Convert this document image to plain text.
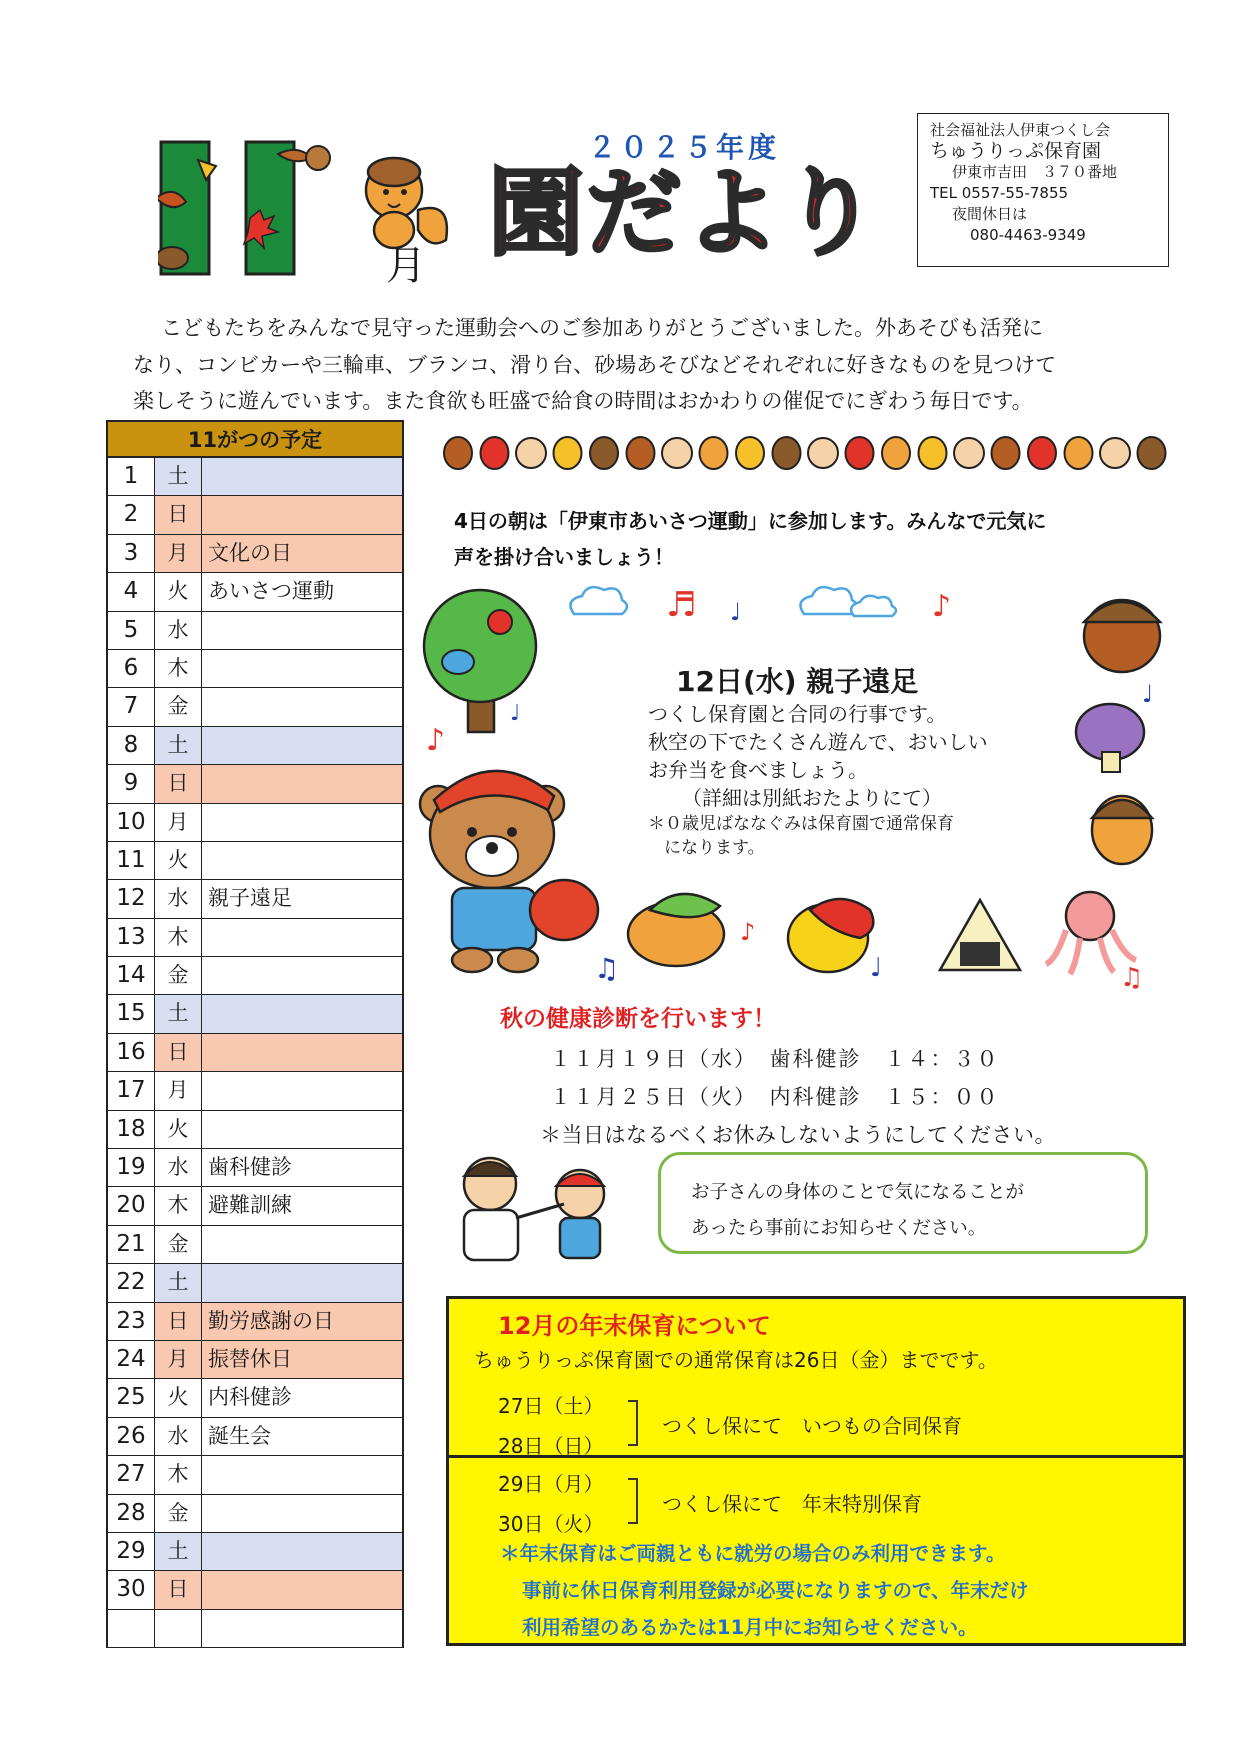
月
２０２５年度
園だより
社会福祉法人伊東つくし会
ちゅうりっぷ保育園
伊東市吉田　３７０番地
TEL 0557-55-7855
夜間休日は
080-4463-9349

こどもたちをみんなで見守った運動会へのご参加ありがとうございました。外あそびも活発に

なり、コンビカーや三輪車、ブランコ、滑り台、砂場あそびなどそれぞれに好きなものを見つけて

楽しそうに遊んでいます。また食欲も旺盛で給食の時間はおかわりの催促でにぎわう毎日です。

11がつの予定
1	土
2	日
3	月 文化の日
4	火 あいさつ運動
5	水
6	木
7	金
8	土
9	日
10	月
11	火
12	水 親子遠足
13	木
14	金
15	土
16	日
17	月
18	火
19	水 歯科健診
20	木 避難訓練
21	金
22	土
23	日 勤労感謝の日
24	月 振替休日
25	火 内科健診
26	水 誕生会
27	木
28	金
29	土
30	日
4日の朝は「伊東市あいさつ運動」に参加します。みんなで元気に
声を掛け合いましょう！
♬ ♩	♪
♩
♪
♩
♪
♩	♫
♫
12日(水) 親子遠足

つくし保育園と合同の行事です。

秋空の下でたくさん遊んで、おいしい

お弁当を食べましょう。

（詳細は別紙おたよりにて）

＊０歳児ばななぐみは保育園で通常保育

になります。

秋の健康診断を行います！
１１月１９日（水）　歯科健診　１４：３０
１１月２５日（火）　内科健診　１５：００
＊当日はなるべくお休みしないようにしてください。
お子さんの身体のことで気になることが
あったら事前にお知らせください。
12月の年末保育について
ちゅうりっぷ保育園での通常保育は26日（金）までです。
27日（土）
28日（日）
つくし保にて　いつもの合同保育
29日（月）
30日（火）
つくし保にて　年末特別保育
＊年末保育はご両親ともに就労の場合のみ利用できます。
事前に休日保育利用登録が必要になりますので、年末だけ
利用希望のあるかたは11月中にお知らせください。
